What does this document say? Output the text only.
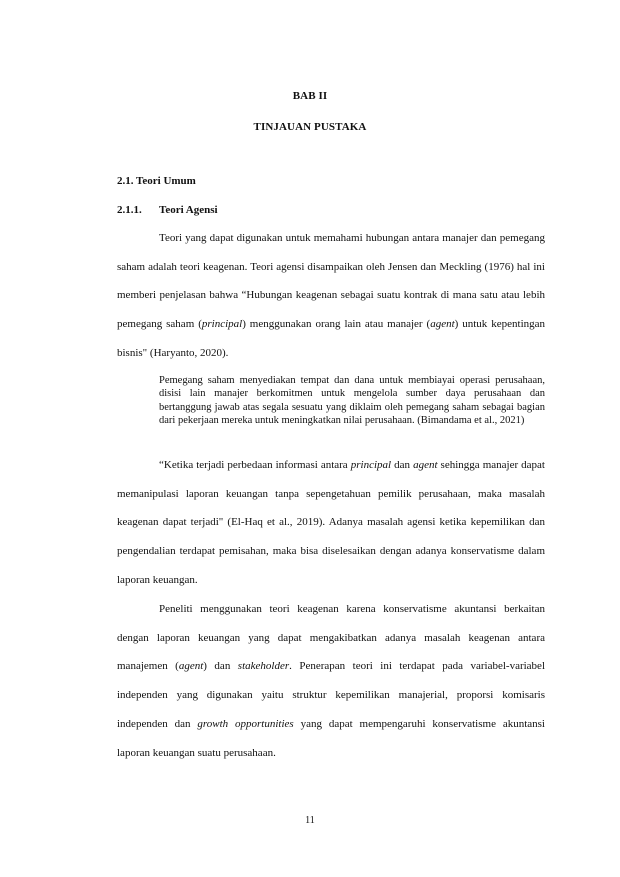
BAB II
TINJAUAN PUSTAKA
2.1. Teori Umum
2.1.1. Teori Agensi

Teori yang dapat digunakan untuk memahami hubungan antara manajer dan pemegang saham adalah teori keagenan. Teori agensi disampaikan oleh Jensen dan Meckling (1976) hal ini memberi penjelasan bahwa “Hubungan keagenan sebagai suatu kontrak di mana satu atau lebih pemegang saham (principal) menggunakan orang lain atau manajer (agent) untuk kepentingan bisnis" (Haryanto, 2020).

Pemegang saham menyediakan tempat dan dana untuk membiayai operasi perusahaan, disisi lain manajer berkomitmen untuk mengelola sumber daya perusahaan dan bertanggung jawab atas segala sesuatu yang diklaim oleh pemegang saham sebagai bagian dari pekerjaan mereka untuk meningkatkan nilai perusahaan. (Bimandama et al., 2021)

“Ketika terjadi perbedaan informasi antara principal dan agent sehingga manajer dapat memanipulasi laporan keuangan tanpa sepengetahuan pemilik perusahaan, maka masalah keagenan dapat terjadi" (El-Haq et al., 2019). Adanya masalah agensi ketika kepemilikan dan pengendalian terdapat pemisahan, maka bisa diselesaikan dengan adanya konservatisme dalam laporan keuangan.

Peneliti menggunakan teori keagenan karena konservatisme akuntansi berkaitan dengan laporan keuangan yang dapat mengakibatkan adanya masalah keagenan antara manajemen (agent) dan stakeholder. Penerapan teori ini terdapat pada variabel-variabel independen yang digunakan yaitu struktur kepemilikan manajerial, proporsi komisaris independen dan growth opportunities yang dapat mempengaruhi konservatisme akuntansi laporan keuangan suatu perusahaan.

11
